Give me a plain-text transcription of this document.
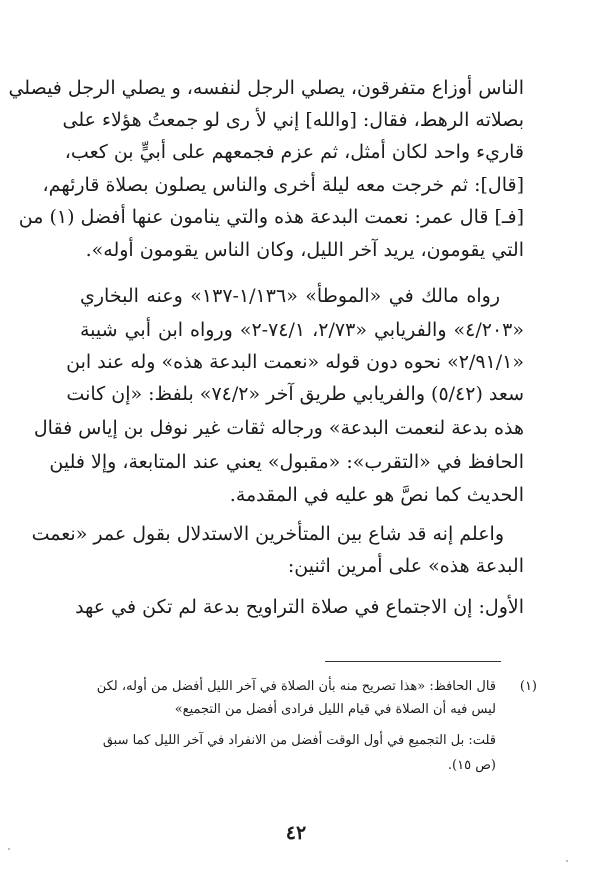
الناس أوزاع متفرقون، يصلي الرجل لنفسه، و يصلي الرجل فيصلي
بصلاته الرهط، فقال: [والله] إني لأ رى لو جمعتُ هؤلاء على
قاريء واحد لكان أمثل، ثم عزم فجمعهم على أبيٍّ بن كعب،
[قال]: ثم خرجت معه ليلة أخرى والناس يصلون بصلاة قارئهم،
[فـ] قال عمر: نعمت البدعة هذه والتي ينامون عنها أفضل (١) من
التي يقومون، يريد آخر الليل، وكان الناس يقومون أوله».
رواه مالك في «الموطأ» «١/١٣٦-١٣٧» وعنه البخاري
«٤/٢٠٣» والفريابي «٢/٧٣، ٧٤/١-٢» ورواه ابن أبي شيبة
«٢/٩١/١» نحوه دون قوله «نعمت البدعة هذه» وله عند ابن
سعد (٥/٤٢) والفريابي طريق آخر «٧٤/٢» بلفظ: «إن كانت
هذه بدعة لنعمت البدعة» ورجاله ثقات غير نوفل بن إياس فقال
الحافظ في «التقرب»: «مقبول» يعني عند المتابعة، وإلا فلين
الحديث كما نصَّ هو عليه في المقدمة.
واعلم إنه قد شاع بين المتأخرين الاستدلال بقول عمر «نعمت
البدعة هذه» على أمرين اثنين:
الأول: إن الاجتماع في صلاة التراويح بدعة لم تكن في عهد
(١)
قال الحافظ: «هذا تصريح منه بأن الصلاة في آخر الليل أفضل من أوله، لكن
ليس فيه أن الصلاة في قيام الليل فرادى أفضل من التجميع»
قلت: بل التجميع في أول الوقت أفضل من الانفراد في آخر الليل كما سبق
(ص ١٥).
٤٢
